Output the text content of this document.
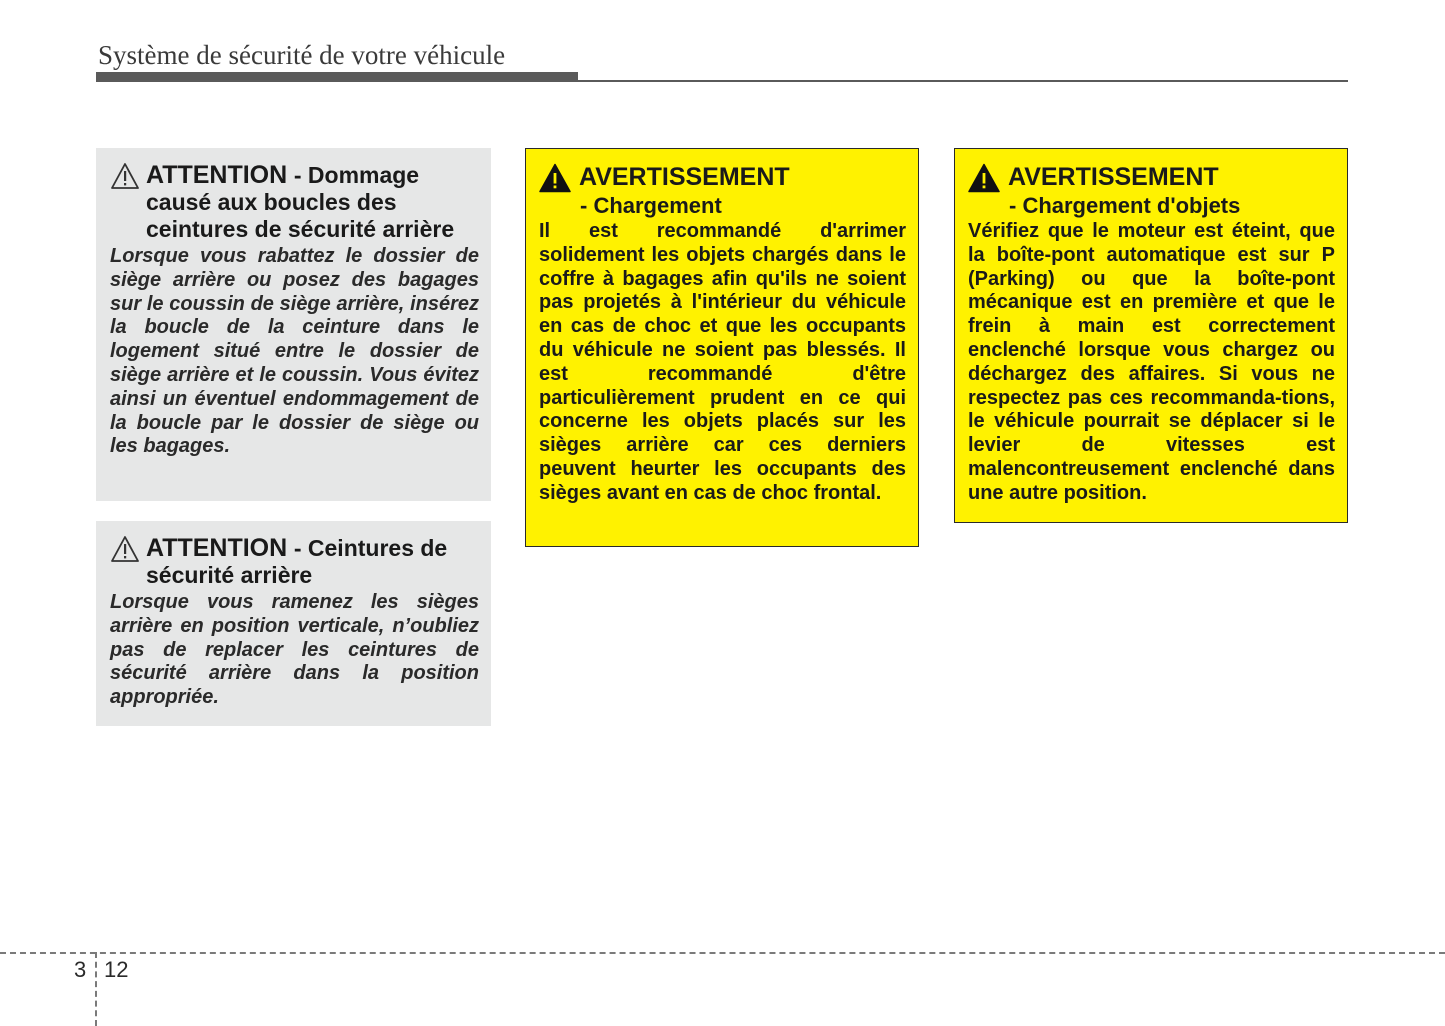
Système de sécurité de votre véhicule
ATTENTION - Dommage causé aux boucles des ceintures de sécurité arrière
Lorsque vous rabattez le dossier de siège arrière ou posez des bagages sur le coussin de siège arrière, insérez la boucle de la ceinture dans le logement situé entre le dossier de siège arrière et le coussin. Vous évitez ainsi un éventuel endommagement de la boucle par le dossier de siège ou les bagages.
ATTENTION - Ceintures de sécurité arrière
Lorsque vous ramenez les sièges arrière en position verticale, n’oubliez pas de replacer les ceintures de sécurité arrière dans la position appropriée.
AVERTISSEMENT
- Chargement
Il est recommandé d'arrimer solidement les objets chargés dans le coffre à bagages afin qu'ils ne soient pas projetés à l'intérieur du véhicule en cas de choc et que les occupants du véhicule ne soient pas blessés. Il est recommandé d'être particulièrement prudent en ce qui concerne les objets placés sur les sièges arrière car ces derniers peuvent heurter les occupants des sièges avant en cas de choc frontal.
AVERTISSEMENT
- Chargement d'objets
Vérifiez que le moteur est éteint, que la boîte-pont automatique est sur P (Parking) ou que la boîte-pont mécanique est en première et que le frein à main est correctement enclenché lorsque vous chargez ou déchargez des affaires. Si vous ne respectez pas ces recommanda-tions, le véhicule pourrait se déplacer si le levier de vitesses est malencontreusement enclenché dans une autre position.
3 12
